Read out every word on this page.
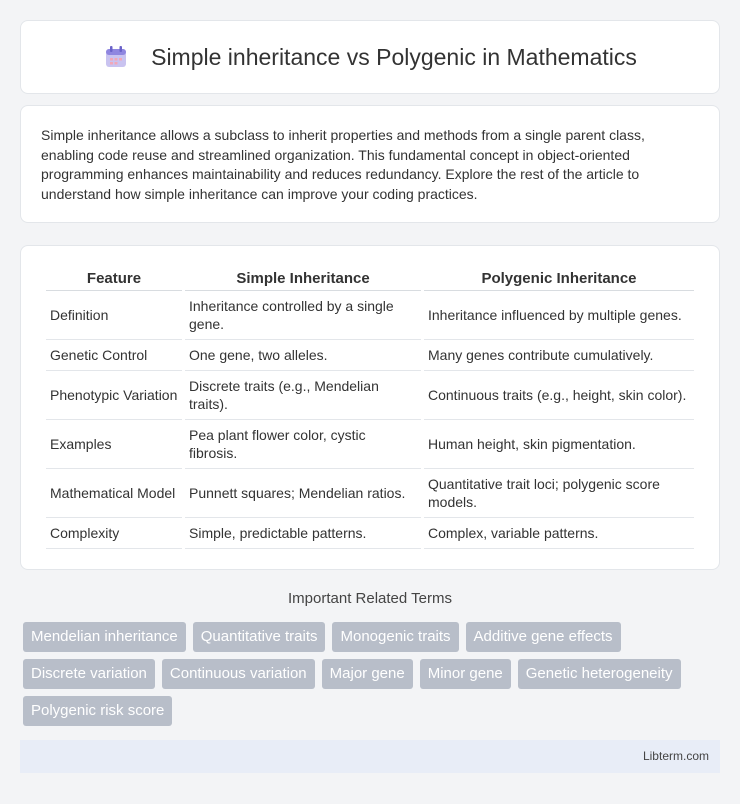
Simple inheritance vs Polygenic in Mathematics

Simple inheritance allows a subclass to inherit properties and methods from a single parent class, enabling code reuse and streamlined organization. This fundamental concept in object-oriented programming enhances maintainability and reduces redundancy. Explore the rest of the article to understand how simple inheritance can improve your coding practices.

Feature	Simple Inheritance	Polygenic Inheritance
Definition	Inheritance controlled by a single gene.	Inheritance influenced by multiple genes.
Genetic Control	One gene, two alleles.	Many genes contribute cumulatively.
Phenotypic Variation	Discrete traits (e.g., Mendelian traits).	Continuous traits (e.g., height, skin color).
Examples	Pea plant flower color, cystic fibrosis.	Human height, skin pigmentation.
Mathematical Model	Punnett squares; Mendelian ratios.	Quantitative trait loci; polygenic score models.
Complexity	Simple, predictable patterns.	Complex, variable patterns.
Important Related Terms
Mendelian inheritance	Quantitative traits	Monogenic traits	Additive gene effects
Discrete variation	Continuous variation	Major gene	Minor gene	Genetic heterogeneity
Polygenic risk score
Libterm.com
